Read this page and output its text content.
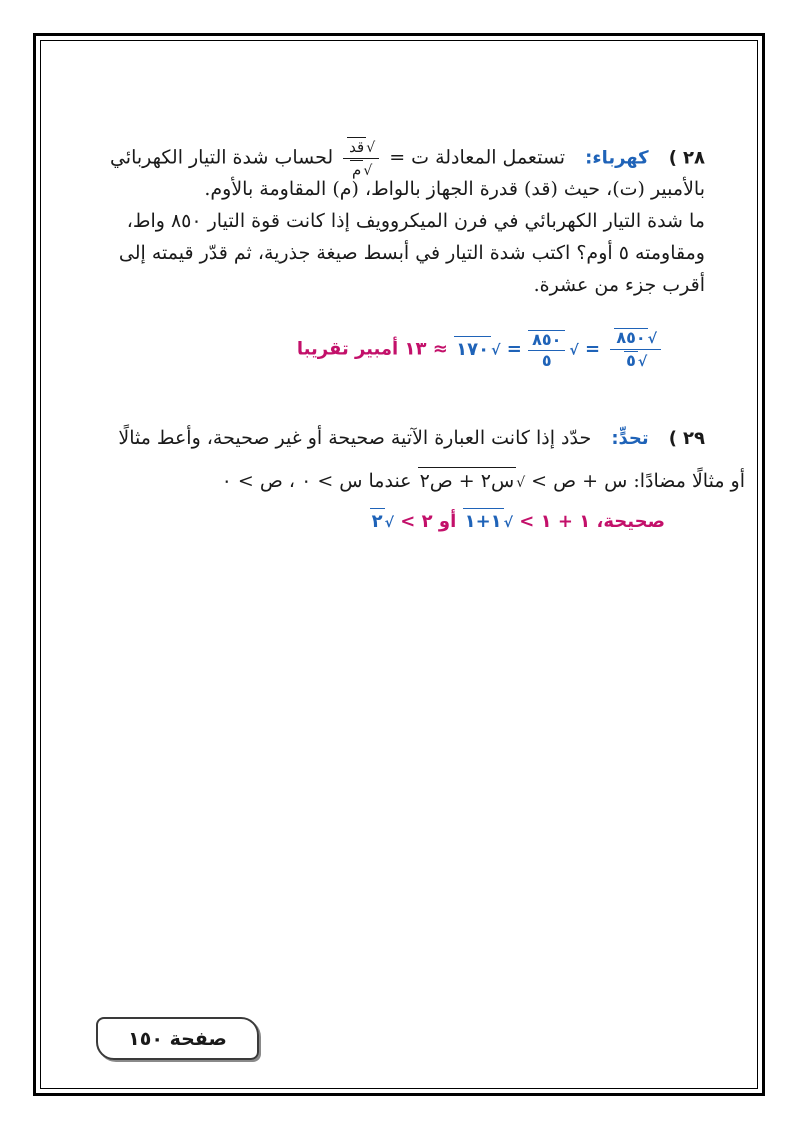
٢٨ )  كهرباء:  تستعمل المعادلة ت =
$\frac{\text{√قد}}{\text{√م}}$
لحساب شدة التيار الكهربائي
بالأمبير (ت)، حيث (قد) قدرة الجهاز بالواط، (م) المقاومة بالأوم.
ما شدة التيار الكهربائي في فرن الميكروويف إذا كانت قوة التيار ٨٥٠ واط،
ومقاومته ٥ أوم؟ اكتب شدة التيار في أبسط صيغة جذرية، ثم قدّر قيمته إلى
أقرب جزء من عشرة.
$\frac{√٨٥٠}{√٥}$
= √
$\frac{٨٥٠}{٥}$
= √١٧٠ ≈ ١٣ أمبير تقريبا
٢٩ )  تحدٍّ:  حدّد إذا كانت العبارة الآتية صحيحة أو غير صحيحة، وأعط مثالًا
أو مثالًا مضادًا: س + ص > √س٢ + ص٢ عندما س > ٠ ، ص > ٠
صحيحة، ١ + ١ > √١+١ أو ٢ > √٢
صفحة ١٥٠
